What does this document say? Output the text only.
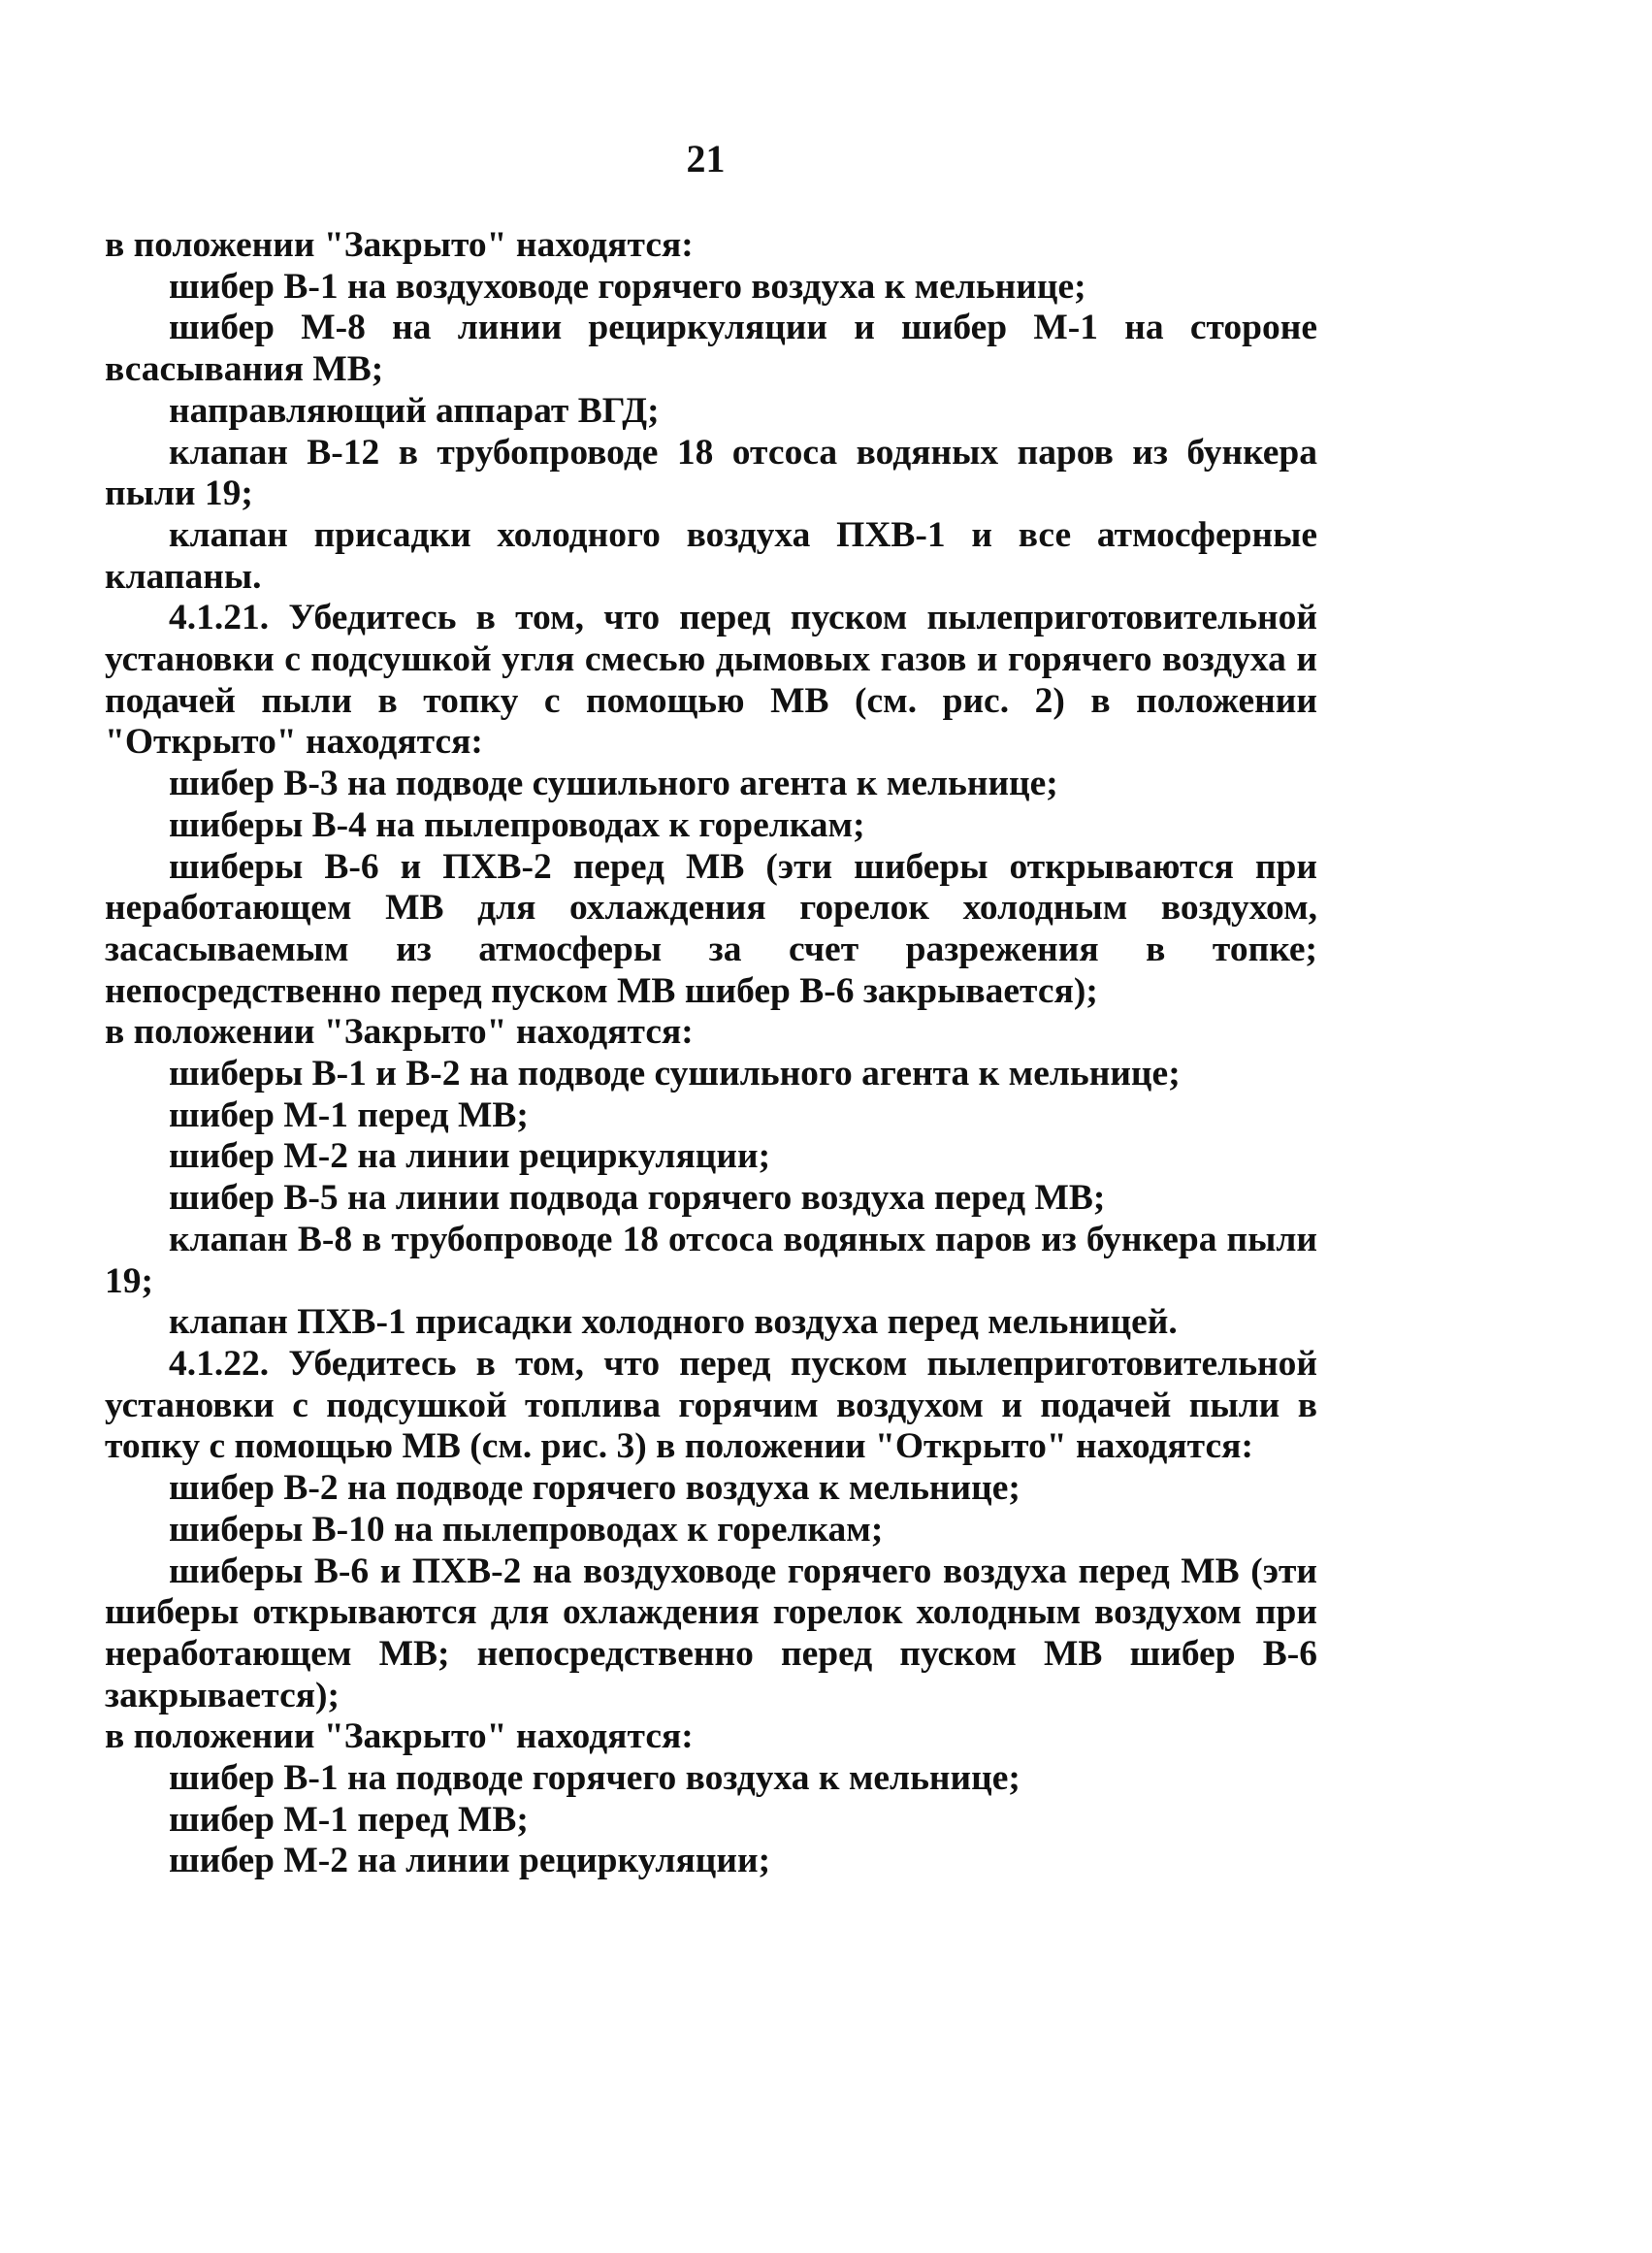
21

в положении "Закрыто" находятся:

шибер В-1 на воздуховоде горячего воздуха к мельнице;

шибер М-8 на линии рециркуляции и шибер М-1 на стороне всасывания МВ;

направляющий аппарат ВГД;

клапан В-12 в трубопроводе 18 отсоса водяных паров из бункера пыли 19;

клапан присадки холодного воздуха ПХВ-1 и все атмосферные клапаны.

4.1.21. Убедитесь в том, что перед пуском пылеприготовительной установки с подсушкой угля смесью дымовых газов и горячего воздуха и подачей пыли в топку с помощью МВ (см. рис. 2) в положении "Открыто" находятся:

шибер В-3 на подводе сушильного агента к мельнице;

шиберы В-4 на пылепроводах к горелкам;

шиберы В-6 и ПХВ-2 перед МВ (эти шиберы открываются при неработающем МВ для охлаждения горелок холодным воздухом, засасываемым из атмосферы за счет разрежения в топке; непосредственно перед пуском МВ шибер В-6 закрывается);

в положении "Закрыто" находятся:

шиберы В-1 и В-2 на подводе сушильного агента к мельнице;

шибер М-1 перед МВ;

шибер М-2 на линии рециркуляции;

шибер В-5 на линии подвода горячего воздуха перед МВ;

клапан В-8 в трубопроводе 18 отсоса водяных паров из бункера пыли 19;

клапан ПХВ-1 присадки холодного воздуха перед мельницей.

4.1.22. Убедитесь в том, что перед пуском пылеприготовительной установки с подсушкой топлива горячим воздухом и подачей пыли в топку с помощью МВ (см. рис. 3) в положении "Открыто" находятся:

шибер В-2 на подводе горячего воздуха к мельнице;

шиберы В-10 на пылепроводах к горелкам;

шиберы В-6 и ПХВ-2 на воздуховоде горячего воздуха перед МВ (эти шиберы открываются для охлаждения горелок холодным воздухом при неработающем МВ; непосредственно перед пуском МВ шибер В-6 закрывается);

в положении "Закрыто" находятся:

шибер В-1 на подводе горячего воздуха к мельнице;

шибер М-1 перед МВ;

шибер М-2 на линии рециркуляции;
